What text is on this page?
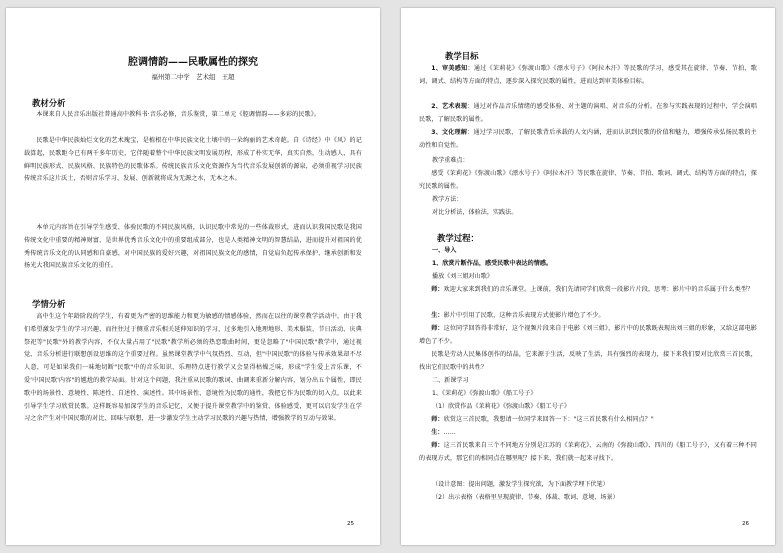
腔调情韵——民歌属性的探究
福州第二中学　艺术组　王超
教材分析

本课来自人民音乐出版社普通高中教科书·音乐必修，音乐鉴赏，第二单元《腔调情韵——多彩的民歌》。

民歌是中华民族灿烂文化的艺术瑰宝，是植根在中华民族文化土壤中的一朵绚丽的艺术奇葩。自《诗经》中《风》的记载算起，民歌距今已有两千多年历史，它伴随着整个中华民族文明发展历程，形成了朴实无华，真实自然，生动感人，具有鲜明民族形式、民族风格、民族特色的民歌体系。传统民族音乐文化资源作为当代音乐发展创新的源泉，必须重视学习民族传统音乐这片沃土，否则音乐学习、发展、创新就将成为无源之水，无本之木。

本单元内容旨在引导学生感受、体验民歌的不同民族风格，认识民歌中常见的一些体裁形式，进而认识我国民歌是我国传统文化中重要的精神财富，是世界优秀音乐文化中的重要组成部分，也是人类精神文明的智慧结晶，进而提升对祖国的优秀传统音乐文化的认同感和自豪感，对中国民族的爱好兴趣，对祖国民族文化的感情，自觉肩负起传承保护、继承创新和发扬光大我国民族音乐文化的重任。

学情分析

高中生这个年龄阶段的学生，有着更为严密的思维能力和更为敏感的情感体验，然而在以往的课堂教学活动中，由于我们希望激发学生的学习兴趣，而往往过于侧重音乐相关延伸知识的学习，过多地引入地理地形、美术服装、节日活动、庆典祭祀等"民歌"外的教学内容，不仅大量占用了"民歌"教学所必须的热恋歌曲时间，更是忽略了"中国民歌"教学中，通过视觉、音乐分析进行联想创设思维的这个重要过程。虽然课堂教学中气氛热烈、互动，但"中国民歌"的体验与传承效果却不尽人意，可是如果我们一味地切断"民歌"中的音乐知识、乐理特点进行教学又会显得枯燥乏味，形成"学生爱上音乐课，不爱'中国民歌'内容"的尴尬的教学局面。针对这个问题，我注重从民歌的歌词、曲调来重新分解内容，划分出五个属性，即民歌中的场景性、意境性、陈述性、自述性、演述性。其中场景性、意境性为民歌的通性，我把它作为民歌的切入点，以此来引导学生学习欣赏民歌。这样既容易加深学生的音乐记忆，又便于提升课堂教学中的鉴赏、体验感受，更可以启发学生在学习之余产生对中国民歌的对比、回味与联想，进一步激发学生主动学习民歌的兴趣与热情，增强教学的互动与效果。

25
教学目标

1、审美感知：通过《茉莉花》《弥渡山歌》《漂水号子》《阿拉木汗》等民歌的学习，感受其在旋律、节奏、节拍、歌词、调式、结构等方面的特点，逐步深入探究民歌的属性，进而达到审美体验目标。

2、艺术表现：通过对作品音乐情绪的感受体验、对主题的演唱、对音乐的分析，在参与实践表现的过程中，学会演唱民歌，了解民歌的属性。

3、文化理解：通过学习民歌，了解民歌背后承载的人文内涵，进而认识到民歌的价值和魅力，增强传承弘扬民歌的主动性和自觉性。

教学重难点：

感受《茉莉花》《弥渡山歌》《漂水号子》《阿拉木汗》等民歌在旋律、节奏、节拍、歌词、调式、结构等方面的特点，探究民歌的属性。

教学方法：
对比分析法，体验法，实践法。
教学过程：
一、导入
1、欣赏片断作品，感受民歌中表达的情感。
播放《刘三姐对山歌》

师：欢迎大家来到我们的音乐课堂。上课前，我们先请同学们欣赏一段影片片段，思考：影片中的音乐属于什么类型？

生：影片中引用了民歌，这种音乐表现方式使影片增色了不少。

师：这位同学回答得非常好，这个视频片段来自于电影《刘三姐》，影片中的民歌既表现出刘三姐的形象，又给这部电影增色了不少。

民歌是劳动人民集体创作的结晶，它来源于生活，反映了生活，具有强烈的表现力，接下来我们要对比欣赏三首民歌，找出它们民歌中的共性？

二、新课学习
1、《茉莉花》《弥渡山歌》《船工号子》
（1）欣赏作品《茉莉花》《弥渡山歌》《船工号子》

师：欣赏这三首民歌，我想请一位同学来回答一下："这三首民歌有什么相同点？"

生：……

师：这三首民歌来自三个不同地方分别是江苏的《茉莉花》、云南的《弥渡山歌》、四川的《船工号子》，又有着三种不同的表现方式，那它们的相同点在哪里呢？接下来，我们就一起来寻找下。

（设计意图：提出问题，激发学生探究欲，为下面教学埋下伏笔）
（2）出示表格（表格里呈现旋律、节奏、体裁、歌词、意境、场景）
26
